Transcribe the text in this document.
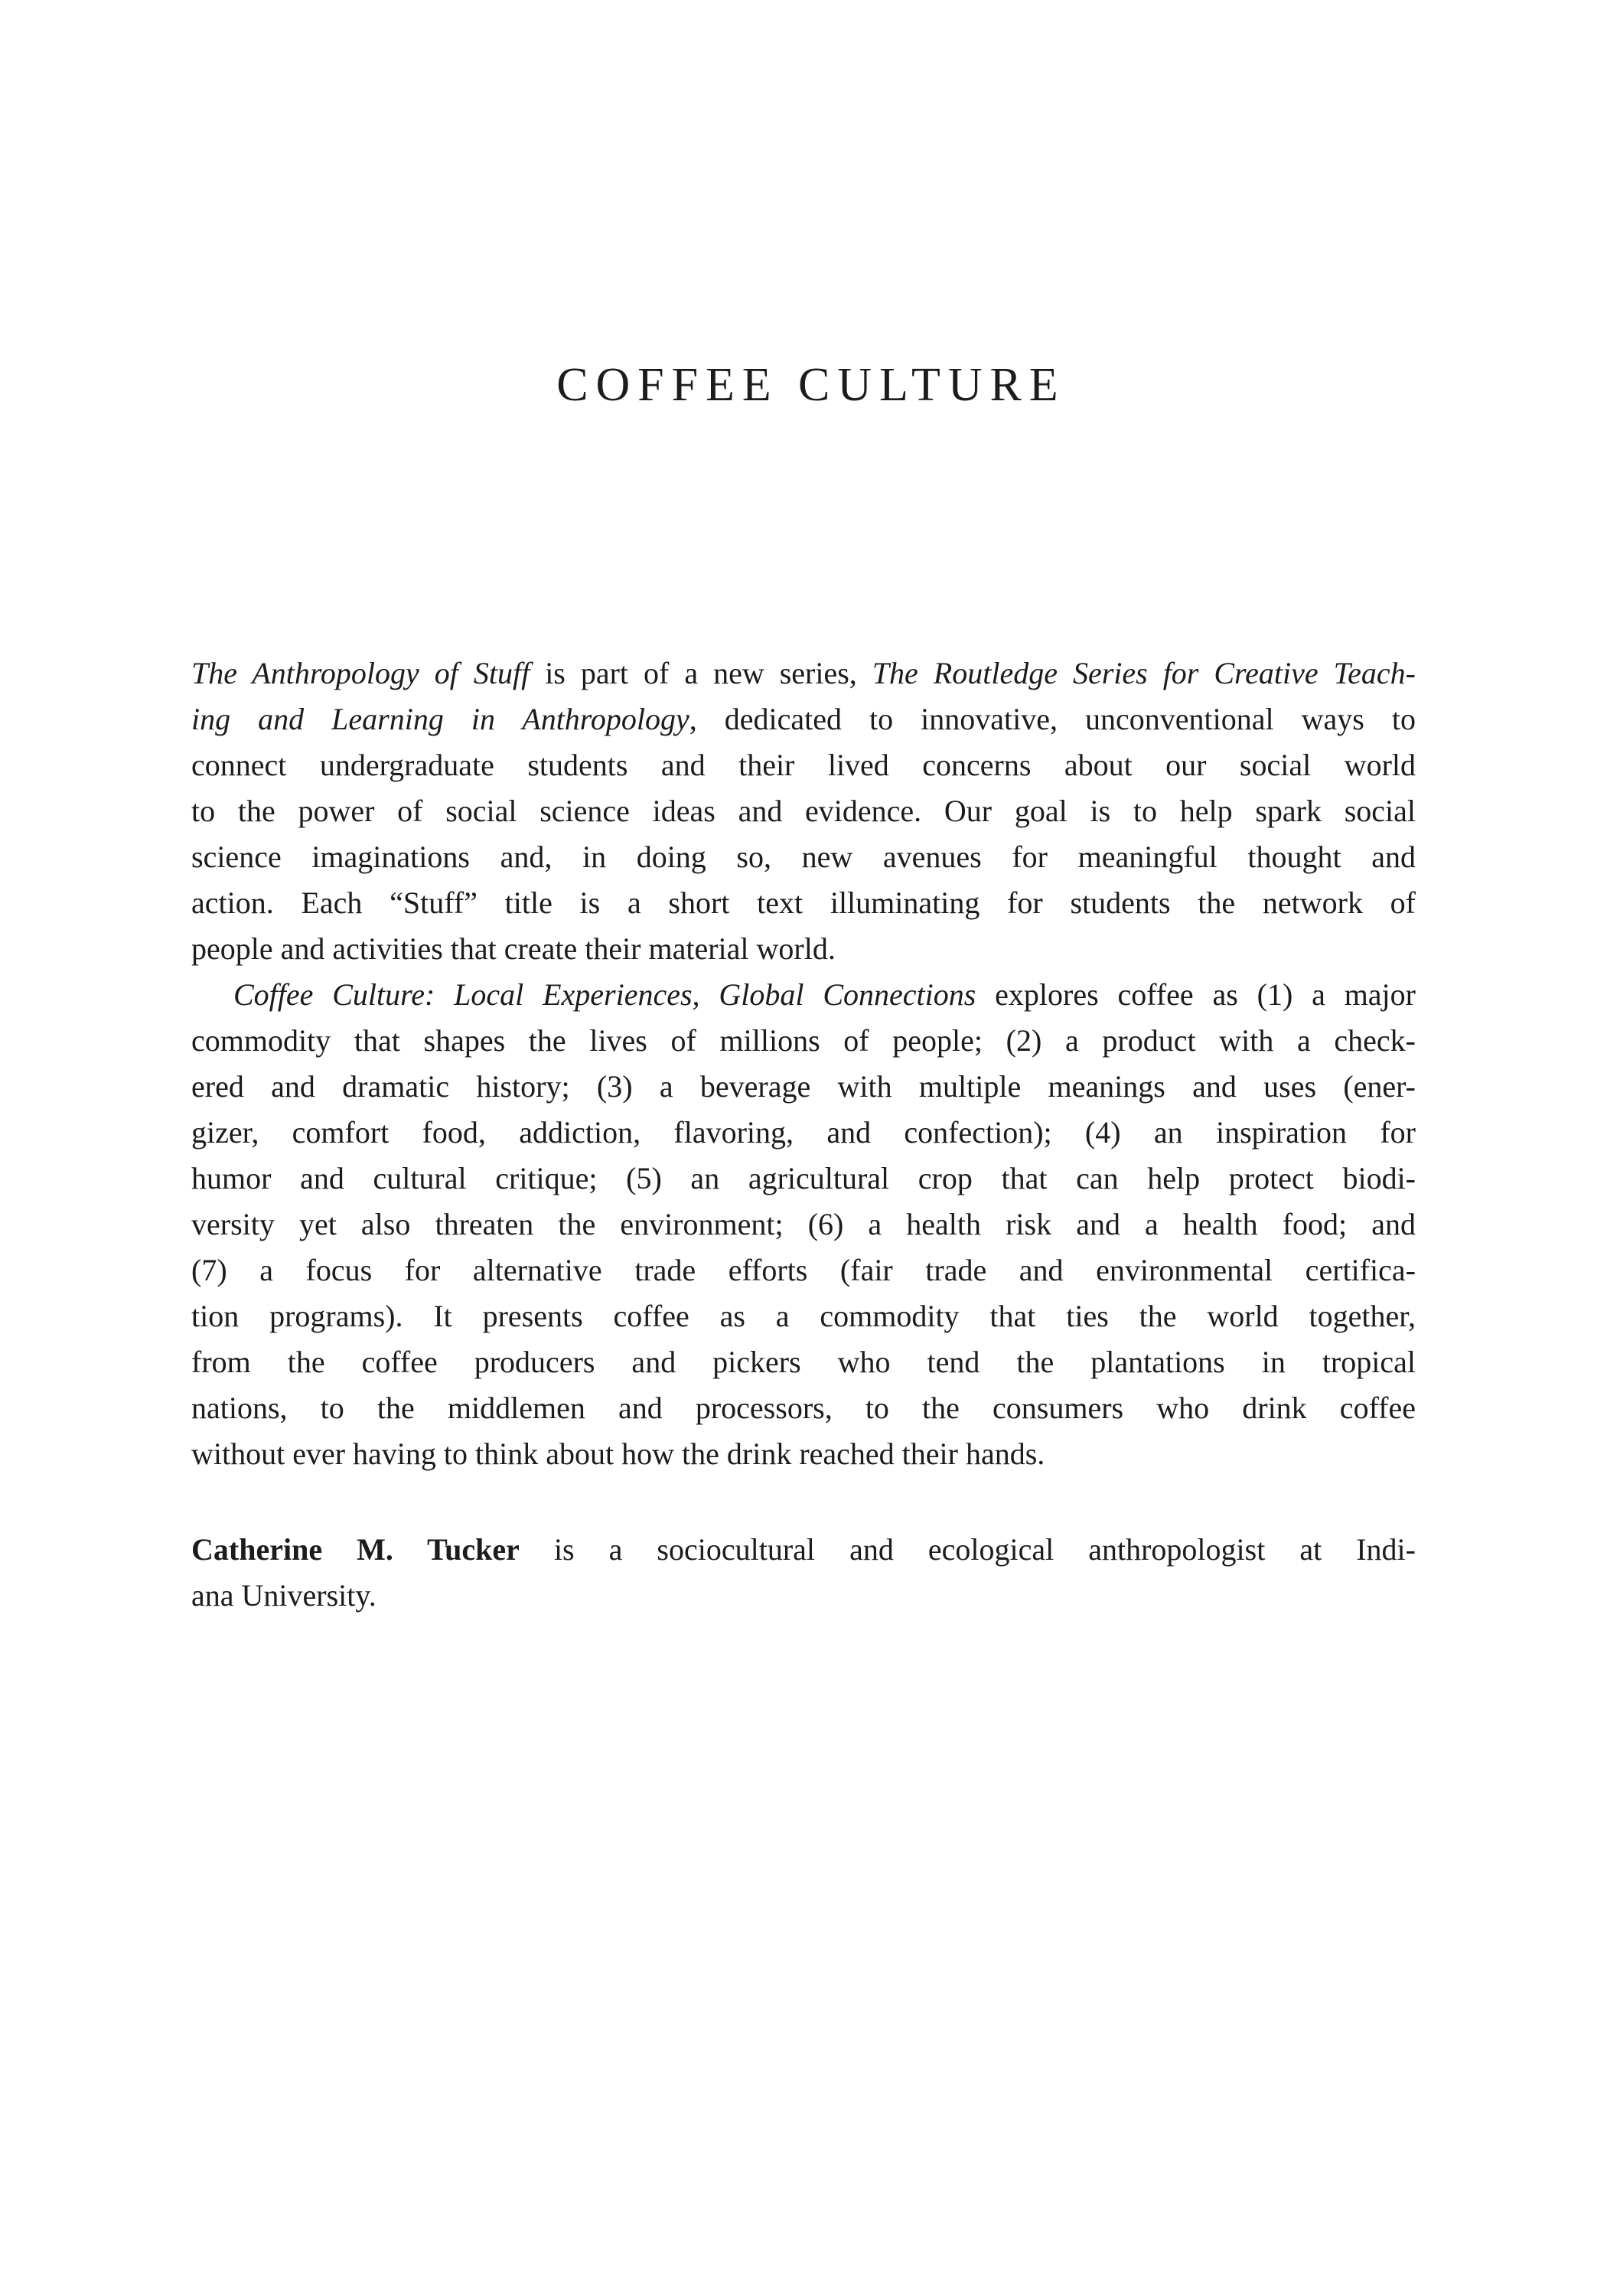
COFFEE CULTURE
The Anthropology of Stuff is part of a new series, The Routledge Series for Creative Teach-
ing and Learning in Anthropology, dedicated to innovative, unconventional ways to
connect undergraduate students and their lived concerns about our social world
to the power of social science ideas and evidence. Our goal is to help spark social
science imaginations and, in doing so, new avenues for meaningful thought and
action. Each “Stuff” title is a short text illuminating for students the network of
people and activities that create their material world.
Coffee Culture: Local Experiences, Global Connections explores coffee as (1) a major
commodity that shapes the lives of millions of people; (2) a product with a check-
ered and dramatic history; (3) a beverage with multiple meanings and uses (ener-
gizer, comfort food, addiction, flavoring, and confection); (4) an inspiration for
humor and cultural critique; (5) an agricultural crop that can help protect biodi-
versity yet also threaten the environment; (6) a health risk and a health food; and
(7) a focus for alternative trade efforts (fair trade and environmental certifica-
tion programs). It presents coffee as a commodity that ties the world together,
from the coffee producers and pickers who tend the plantations in tropical
nations, to the middlemen and processors, to the consumers who drink coffee
without ever having to think about how the drink reached their hands.
Catherine M. Tucker is a sociocultural and ecological anthropologist at Indi-
ana University.
